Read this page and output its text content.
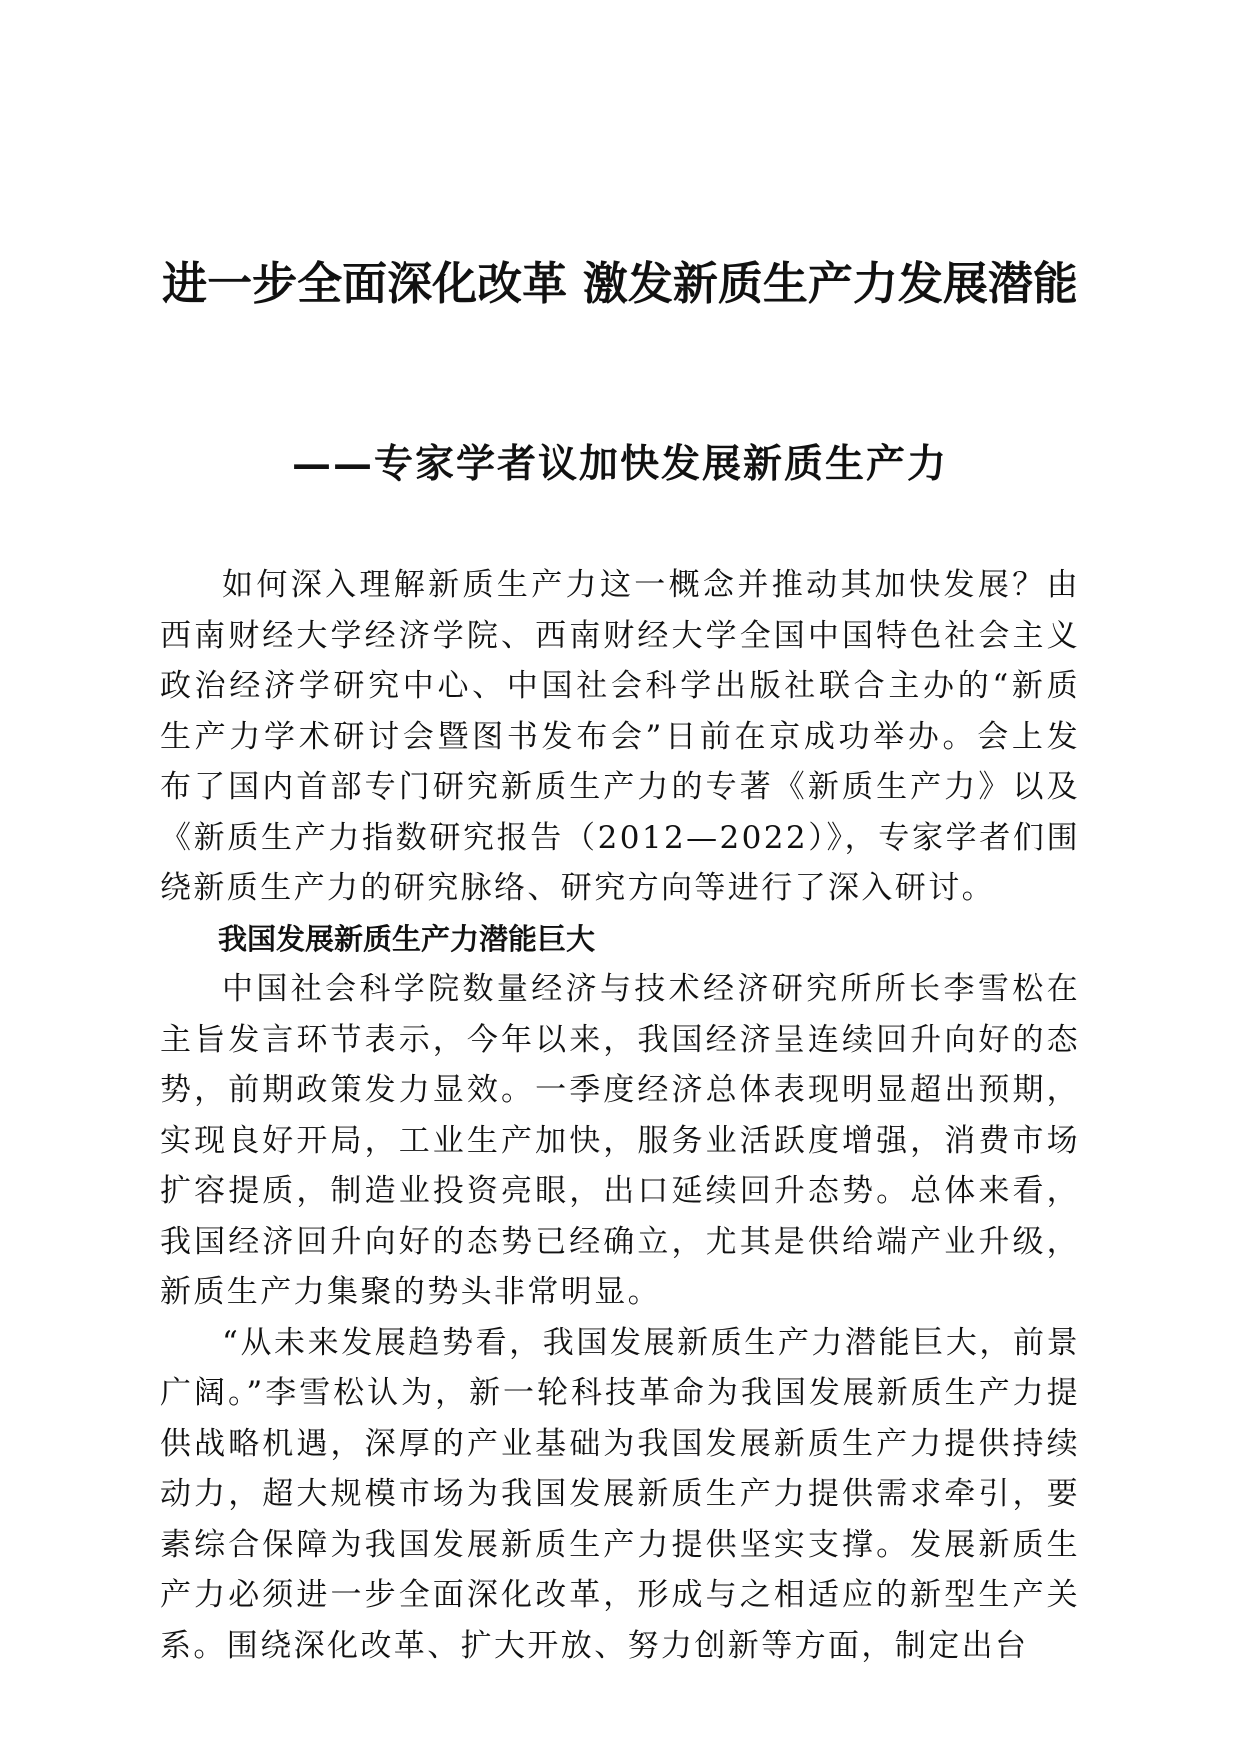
进一步全面深化改革 激发新质生产力发展潜能
——专家学者议加快发展新质生产力

如何深入理解新质生产力这一概念并推动其加快发展？由西南财经大学经济学院、西南财经大学全国中国特色社会主义政治经济学研究中心、中国社会科学出版社联合主办的“新质生产力学术研讨会暨图书发布会”日前在京成功举办。会上发布了国内首部专门研究新质生产力的专著《新质生产力》以及《新质生产力指数研究报告（2012—2022）》，专家学者们围绕新质生产力的研究脉络、研究方向等进行了深入研讨。

我国发展新质生产力潜能巨大

中国社会科学院数量经济与技术经济研究所所长李雪松在主旨发言环节表示，今年以来，我国经济呈连续回升向好的态势，前期政策发力显效。一季度经济总体表现明显超出预期，实现良好开局，工业生产加快，服务业活跃度增强，消费市场扩容提质，制造业投资亮眼，出口延续回升态势。总体来看，我国经济回升向好的态势已经确立，尤其是供给端产业升级，新质生产力集聚的势头非常明显。

“从未来发展趋势看，我国发展新质生产力潜能巨大，前景广阔。”李雪松认为，新一轮科技革命为我国发展新质生产力提供战略机遇，深厚的产业基础为我国发展新质生产力提供持续动力，超大规模市场为我国发展新质生产力提供需求牵引，要素综合保障为我国发展新质生产力提供坚实支撑。发展新质生产力必须进一步全面深化改革，形成与之相适应的新型生产关系。围绕深化改革、扩大开放、努力创新等方面，制定出台
